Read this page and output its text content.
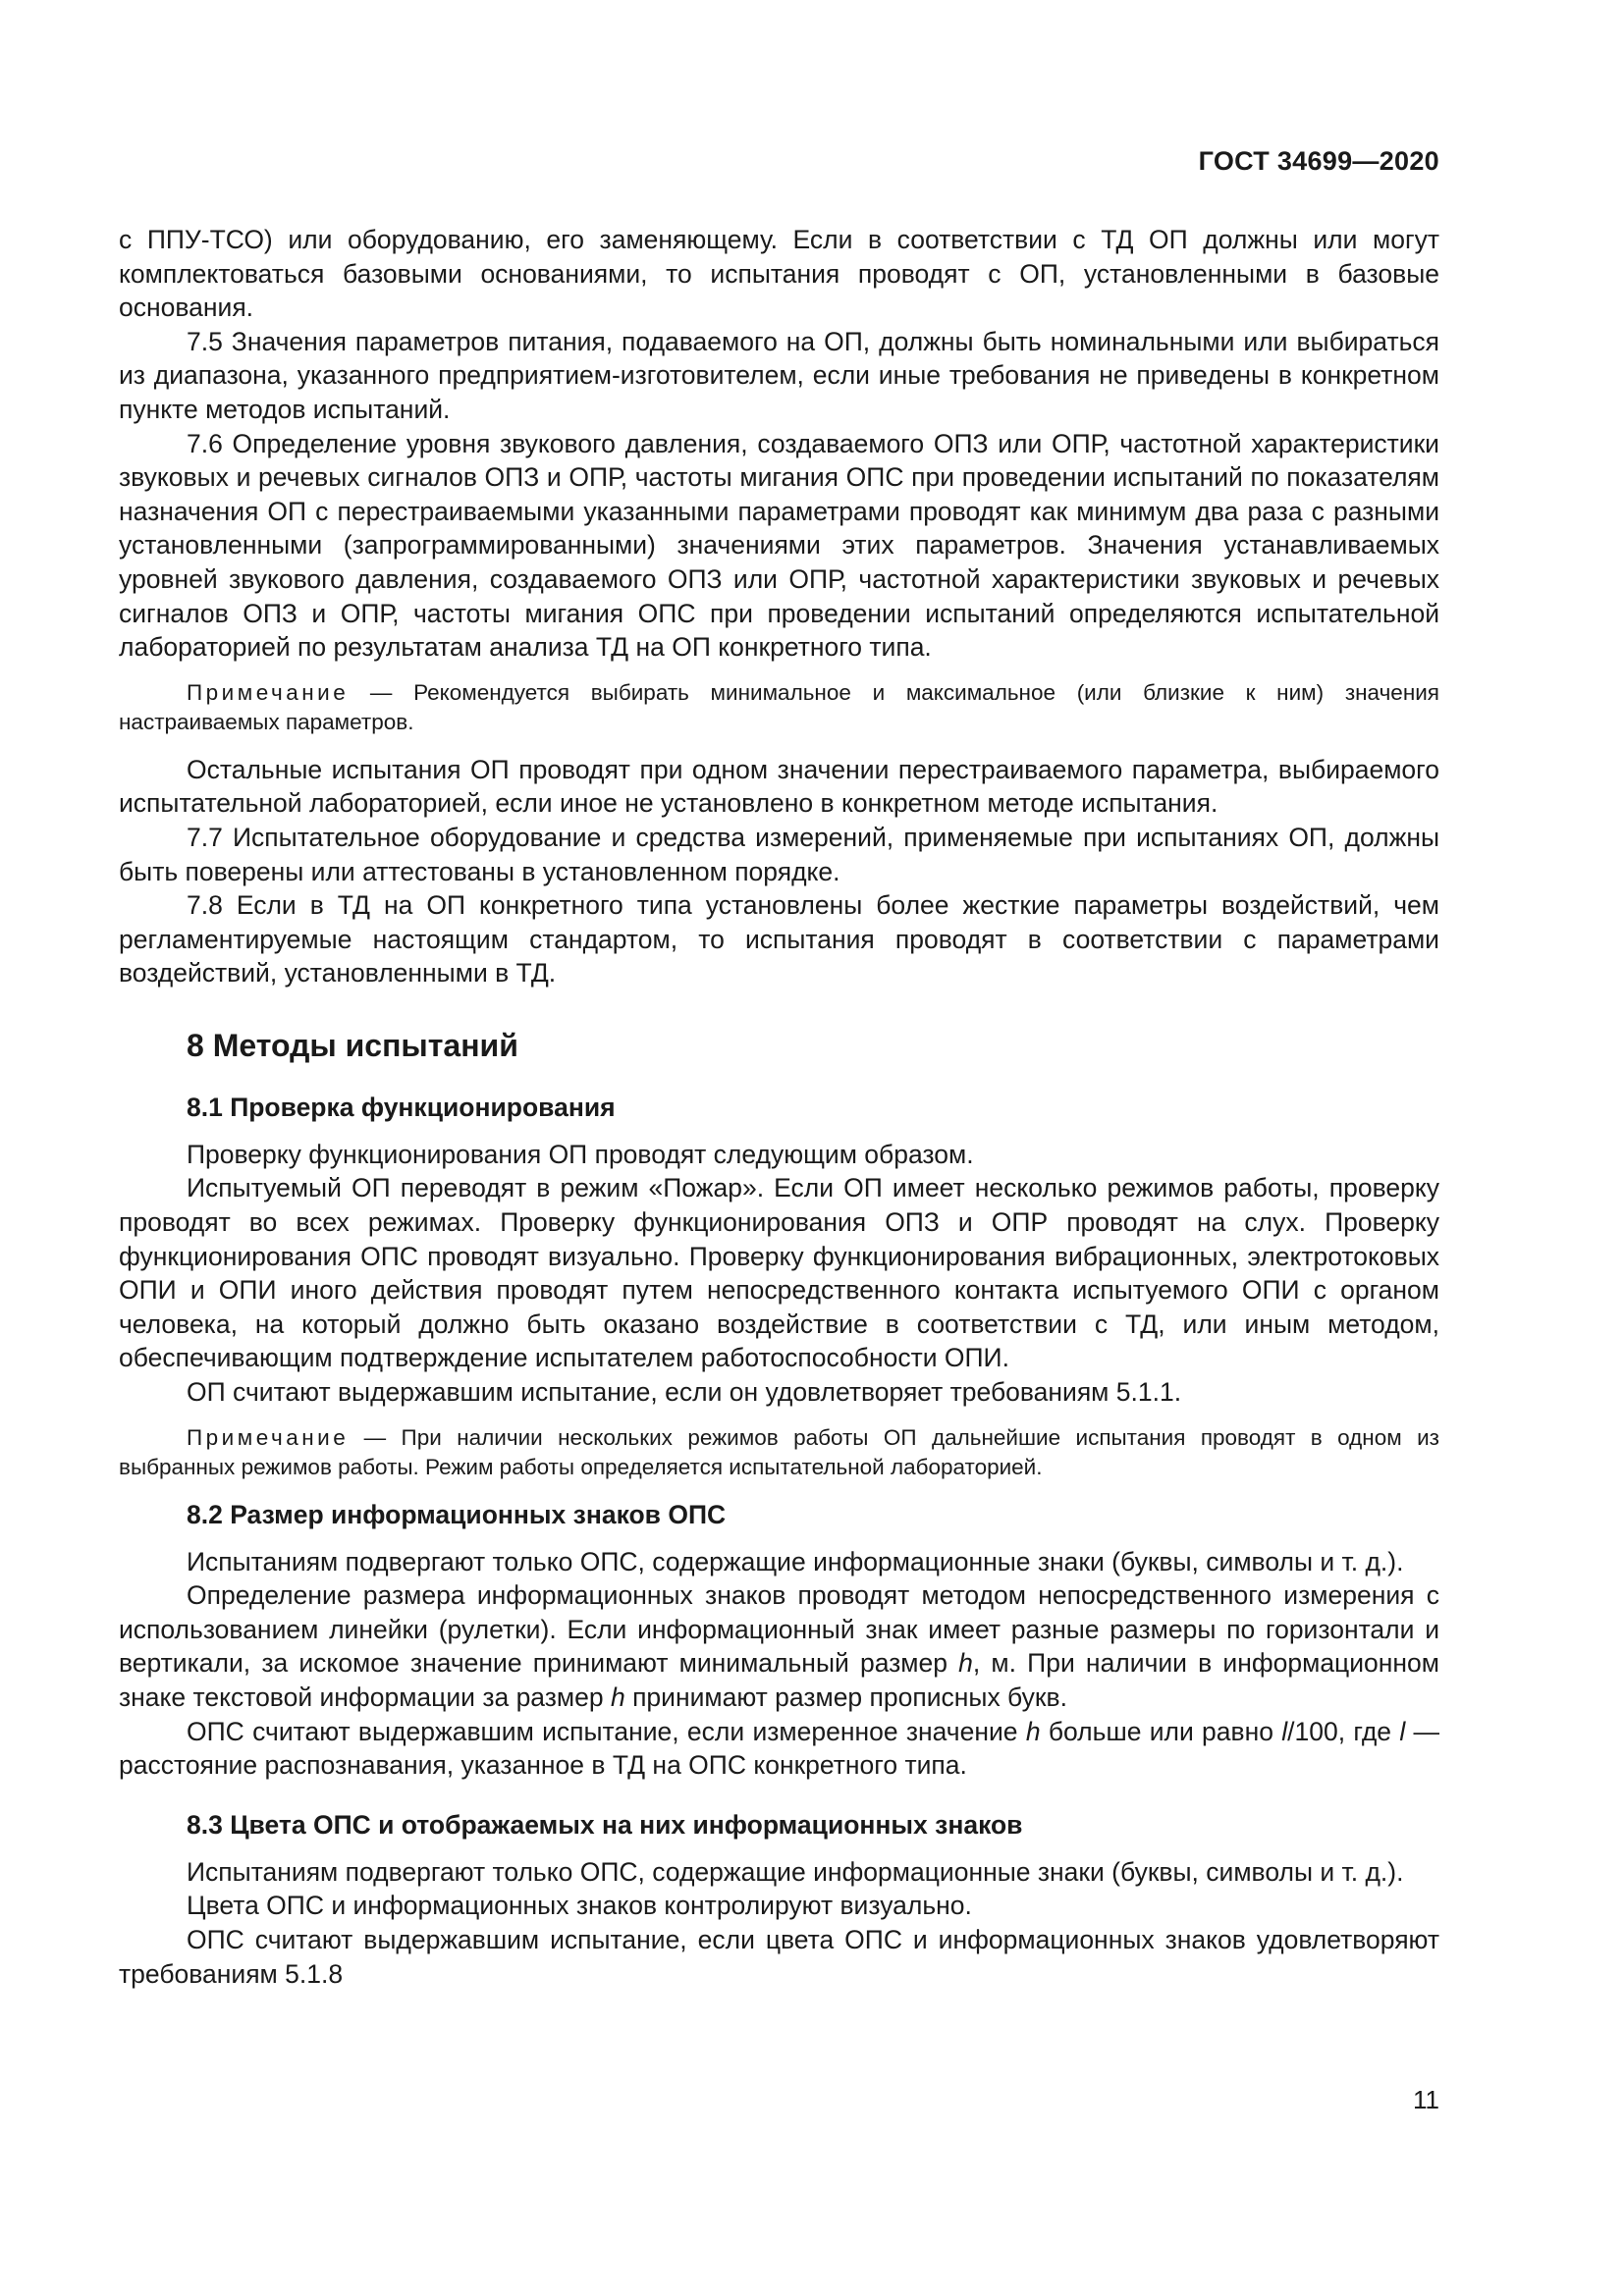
ГОСТ 34699—2020

с ППУ-ТСО) или оборудованию, его заменяющему. Если в соответствии с ТД ОП должны или могут комплектоваться базовыми основаниями, то испытания проводят с ОП, установленными в базовые основания.

7.5 Значения параметров питания, подаваемого на ОП, должны быть номинальными или выбираться из диапазона, указанного предприятием-изготовителем, если иные требования не приведены в конкретном пункте методов испытаний.

7.6 Определение уровня звукового давления, создаваемого ОПЗ или ОПР, частотной характеристики звуковых и речевых сигналов ОПЗ и ОПР, частоты мигания ОПС при проведении испытаний по показателям назначения ОП с перестраиваемыми указанными параметрами проводят как минимум два раза с разными установленными (запрограммированными) значениями этих параметров. Значения устанавливаемых уровней звукового давления, создаваемого ОПЗ или ОПР, частотной характеристики звуковых и речевых сигналов ОПЗ и ОПР, частоты мигания ОПС при проведении испытаний определяются испытательной лабораторией по результатам анализа ТД на ОП конкретного типа.

Примечание — Рекомендуется выбирать минимальное и максимальное (или близкие к ним) значения настраиваемых параметров.

Остальные испытания ОП проводят при одном значении перестраиваемого параметра, выбираемого испытательной лабораторией, если иное не установлено в конкретном методе испытания.

7.7 Испытательное оборудование и средства измерений, применяемые при испытаниях ОП, должны быть поверены или аттестованы в установленном порядке.

7.8 Если в ТД на ОП конкретного типа установлены более жесткие параметры воздействий, чем регламентируемые настоящим стандартом, то испытания проводят в соответствии с параметрами воздействий, установленными в ТД.

8 Методы испытаний
8.1 Проверка функционирования

Проверку функционирования ОП проводят следующим образом.

Испытуемый ОП переводят в режим «Пожар». Если ОП имеет несколько режимов работы, проверку проводят во всех режимах. Проверку функционирования ОПЗ и ОПР проводят на слух. Проверку функционирования ОПС проводят визуально. Проверку функционирования вибрационных, электротоковых ОПИ и ОПИ иного действия проводят путем непосредственного контакта испытуемого ОПИ с органом человека, на который должно быть оказано воздействие в соответствии с ТД, или иным методом, обеспечивающим подтверждение испытателем работоспособности ОПИ.

ОП считают выдержавшим испытание, если он удовлетворяет требованиям 5.1.1.

Примечание — При наличии нескольких режимов работы ОП дальнейшие испытания проводят в одном из выбранных режимов работы. Режим работы определяется испытательной лабораторией.
8.2 Размер информационных знаков ОПС

Испытаниям подвергают только ОПС, содержащие информационные знаки (буквы, символы и т. д.).

Определение размера информационных знаков проводят методом непосредственного измерения с использованием линейки (рулетки). Если информационный знак имеет разные размеры по горизонтали и вертикали, за искомое значение принимают минимальный размер h, м. При наличии в информационном знаке текстовой информации за размер h принимают размер прописных букв.

ОПС считают выдержавшим испытание, если измеренное значение h больше или равно l/100, где l — расстояние распознавания, указанное в ТД на ОПС конкретного типа.

8.3 Цвета ОПС и отображаемых на них информационных знаков

Испытаниям подвергают только ОПС, содержащие информационные знаки (буквы, символы и т. д.).

Цвета ОПС и информационных знаков контролируют визуально.

ОПС считают выдержавшим испытание, если цвета ОПС и информационных знаков удовлетворяют требованиям 5.1.8

11
